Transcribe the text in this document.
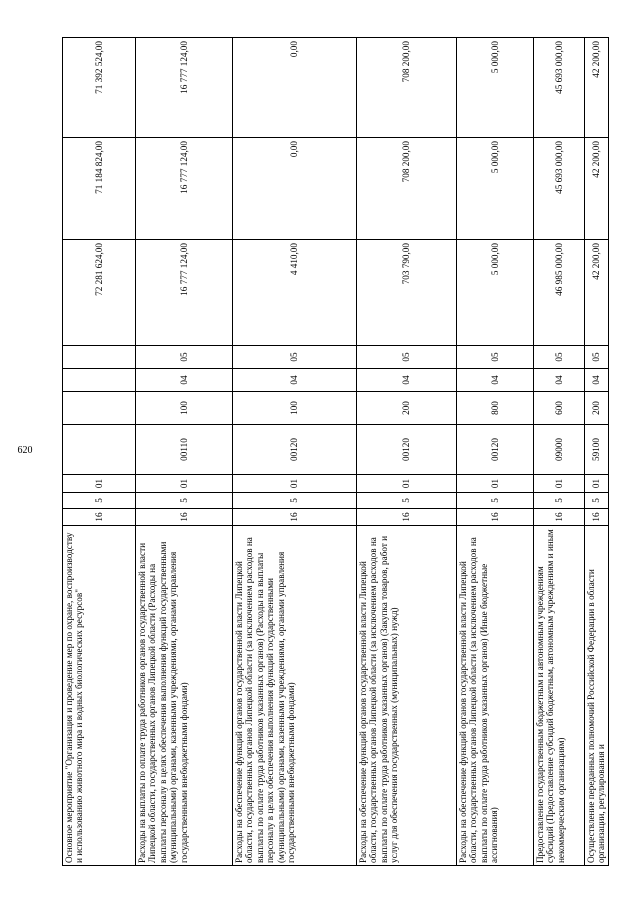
620
Основное мероприятие "Организация и проведение мер по охране, воспроизводству и использованию животного мира и водных биологических ресурсов"	16	5	01					72 281 624,00	71 184 824,00	71 392 524,00
Расходы на выплаты по оплате труда работников органов государственной власти Липецкой области, государственных органов Липецкой области (Расходы на выплаты персоналу в целях обеспечения выполнения функций государственными (муниципальными) органами, казенными учреждениями, органами управления государственными внебюджетными фондами)	16	5	01	00110	100	04	05	16 777 124,00	16 777 124,00	16 777 124,00
Расходы на обеспечение функций органов государственной власти Липецкой области, государственных органов Липецкой области (за исключением расходов на выплаты по оплате труда работников указанных органов) (Расходы на выплаты персоналу в целях обеспечения выполнения функций государственными (муниципальными) органами, казенными учреждениями, органами управления государственными внебюджетными фондами)	16	5	01	00120	100	04	05	4 410,00	0,00	0,00
Расходы на обеспечение функций органов государственной власти Липецкой области, государственных органов Липецкой области (за исключением расходов на выплаты по оплате труда работников указанных органов) (Закупка товаров, работ и услуг для обеспечения государственных (муниципальных) нужд)	16	5	01	00120	200	04	05	703 790,00	708 200,00	708 200,00
Расходы на обеспечение функций органов государственной власти Липецкой области, государственных органов Липецкой области (за исключением расходов на выплаты по оплате труда работников указанных органов) (Иные бюджетные ассигнования)	16	5	01	00120	800	04	05	5 000,00	5 000,00	5 000,00
Предоставление государственным бюджетным и автономным учреждениям субсидий (Предоставление субсидий бюджетным, автономным учреждениям и иным некоммерческим организациям)	16	5	01	09000	600	04	05	46 985 000,00	45 693 000,00	45 693 000,00
Осуществление переданных полномочий Российской Федерации в области организации, регулирования и	16	5	01	59100	200	04	05	42 200,00	42 200,00	42 200,00
